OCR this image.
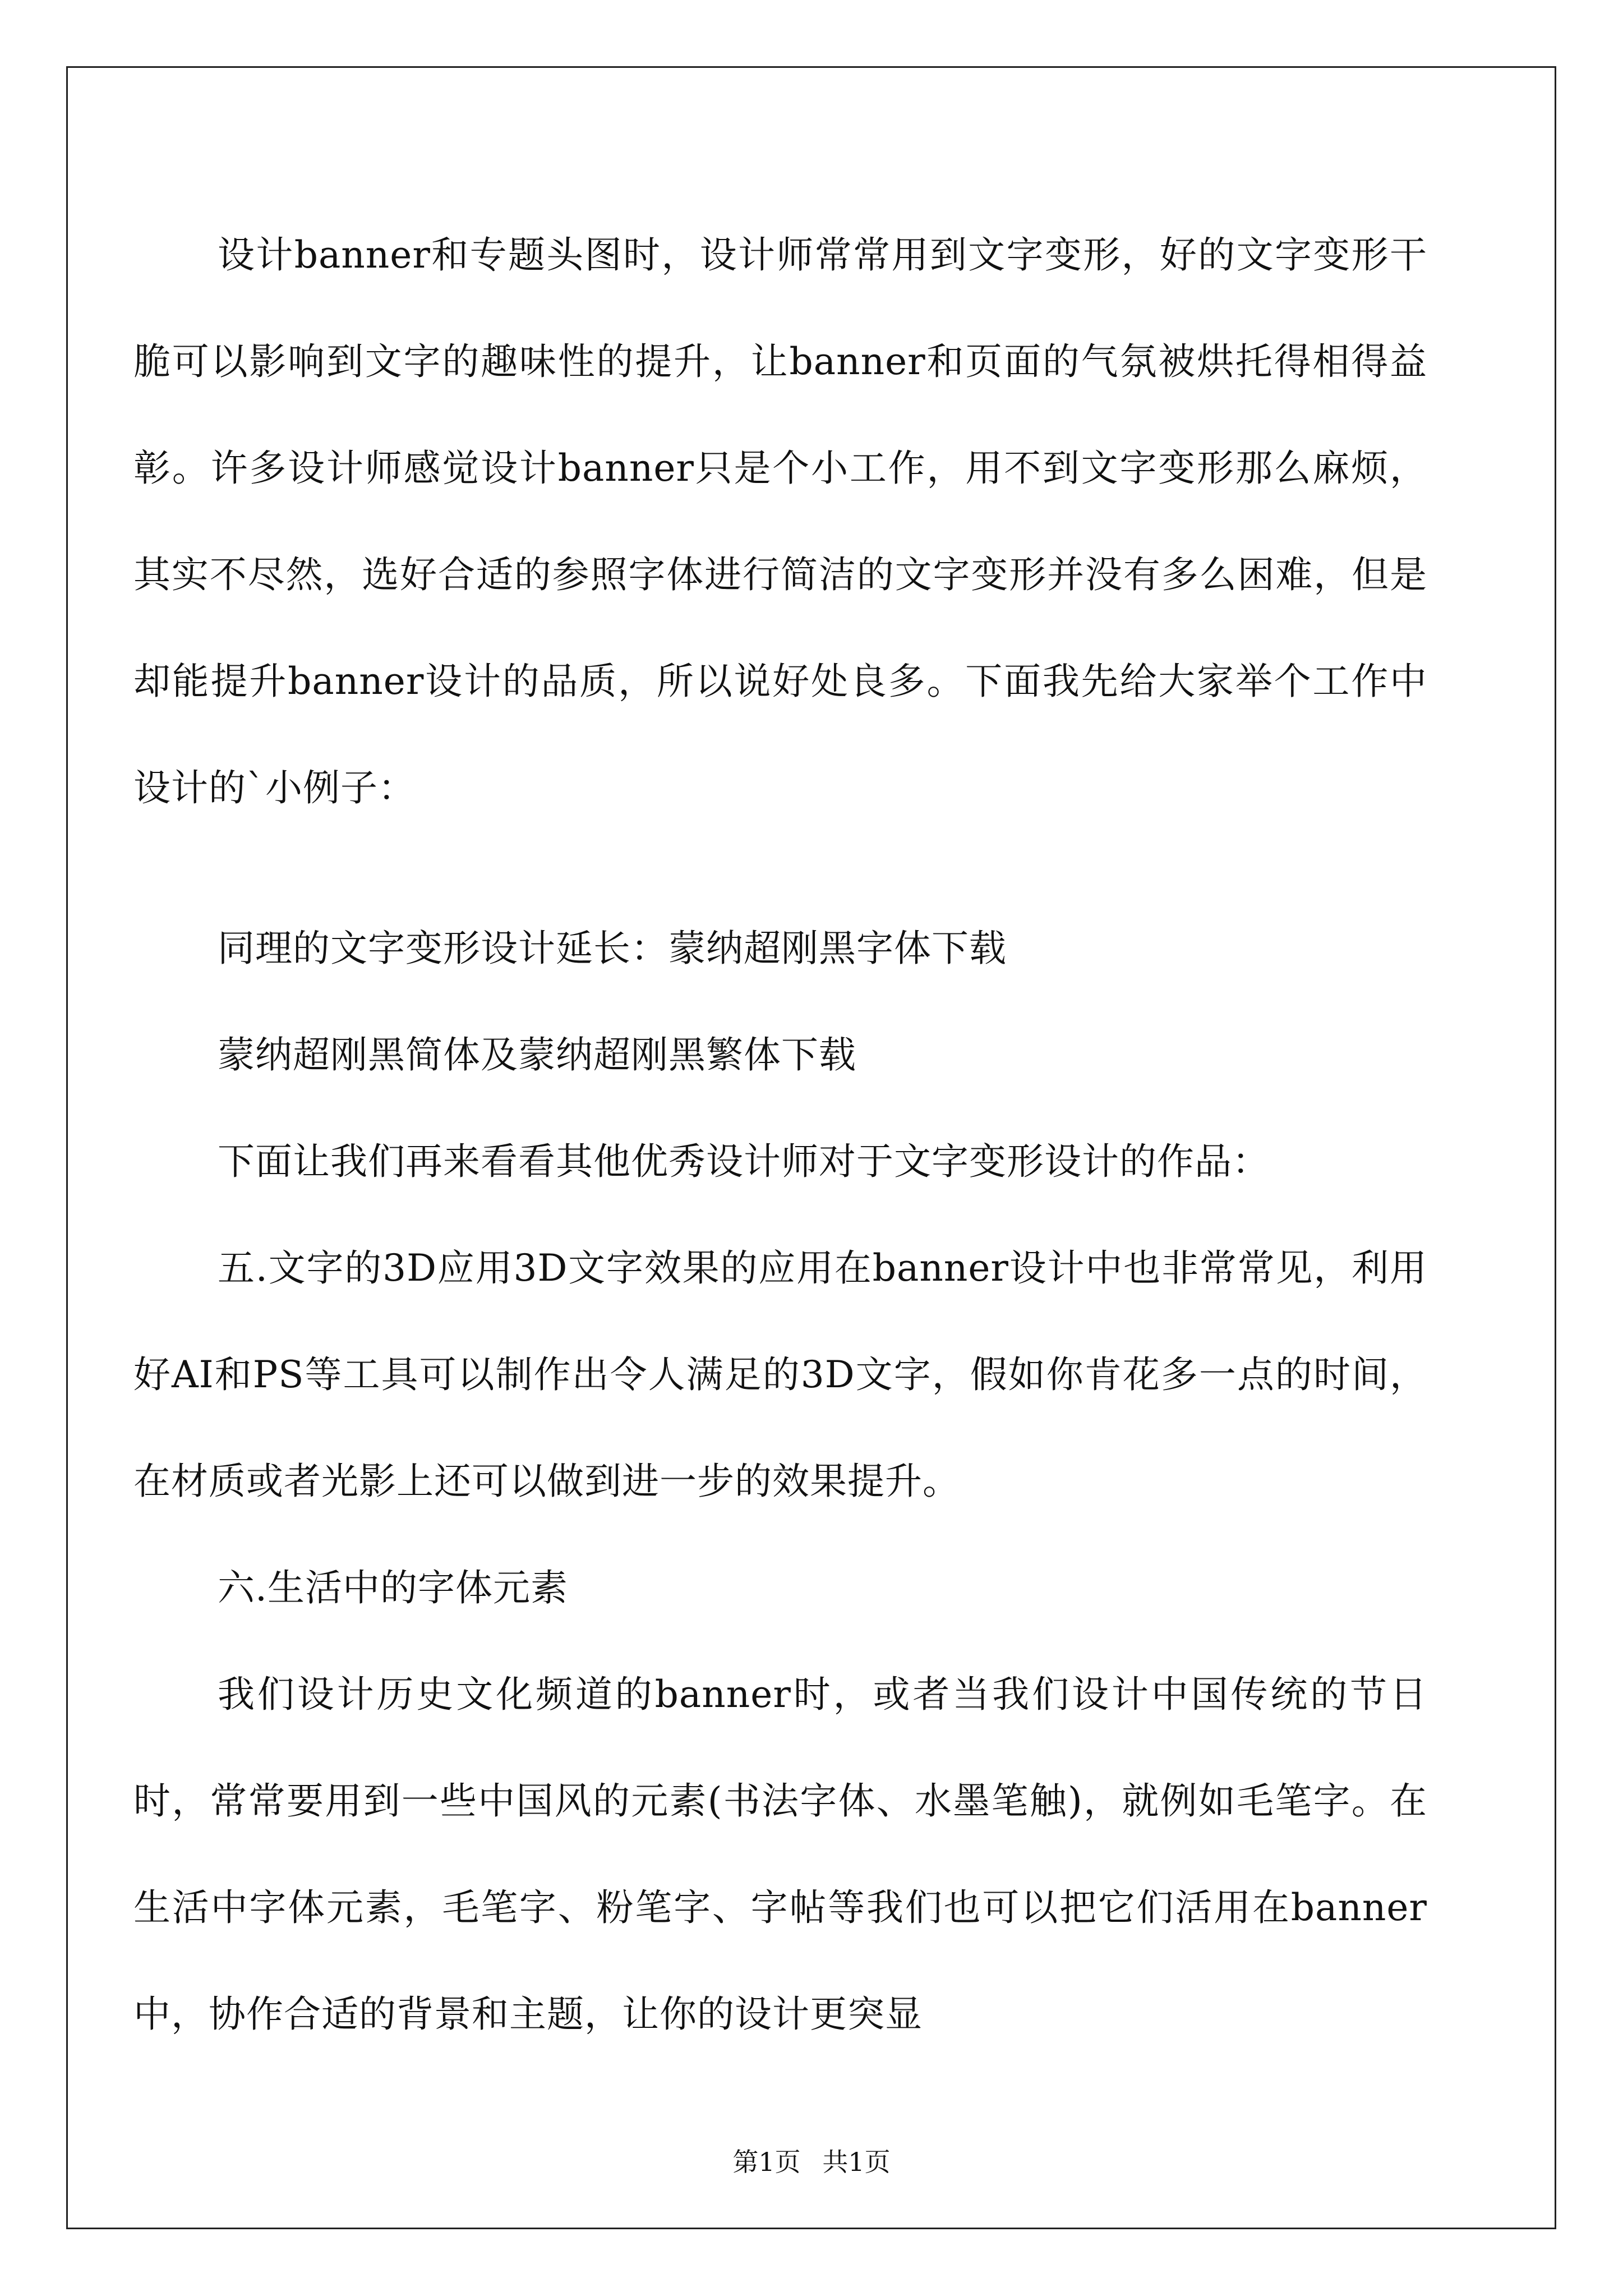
设计banner和专题头图时，设计师常常用到文字变形，好的文字变形干脆可以影响到文字的趣味性的提升，让banner和页面的气氛被烘托得相得益彰。许多设计师感觉设计banner只是个小工作，用不到文字变形那么麻烦，其实不尽然，选好合适的参照字体进行简洁的文字变形并没有多么困难，但是却能提升banner设计的品质，所以说好处良多。下面我先给大家举个工作中设计的`小例子：

同理的文字变形设计延长：蒙纳超刚黑字体下载

蒙纳超刚黑简体及蒙纳超刚黑繁体下载

下面让我们再来看看其他优秀设计师对于文字变形设计的作品：

五.文字的3D应用3D文字效果的应用在banner设计中也非常常见，利用好AI和PS等工具可以制作出令人满足的3D文字，假如你肯花多一点的时间，在材质或者光影上还可以做到进一步的效果提升。

六.生活中的字体元素

我们设计历史文化频道的banner时，或者当我们设计中国传统的节日时，常常要用到一些中国风的元素(书法字体、水墨笔触)，就例如毛笔字。在生活中字体元素，毛笔字、粉笔字、字帖等我们也可以把它们活用在banner中，协作合适的背景和主题，让你的设计更突显

第1页 共1页
